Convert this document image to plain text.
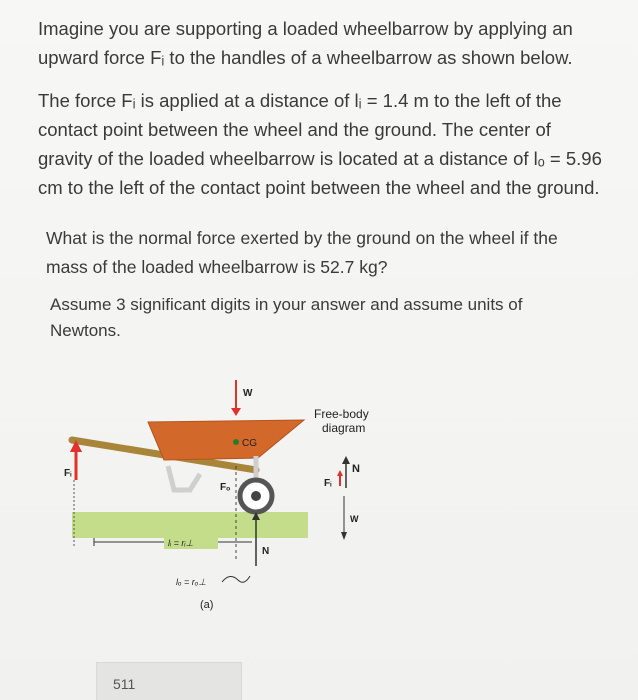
Imagine you are supporting a loaded wheelbarrow by applying an
upward force Fᵢ to the handles of a wheelbarrow as shown below.
The force Fᵢ is applied at a distance of lᵢ = 1.4 m to the left of the
contact point between the wheel and the ground. The center of
gravity of the loaded wheelbarrow is located at a distance of lₒ = 5.96
cm to the left of the contact point between the wheel and the ground.
What is the normal force exerted by the ground on the wheel if the
mass of the loaded wheelbarrow is 52.7 kg?
Assume 3 significant digits in your answer and assume units of
Newtons.
CG
W
Fᵢ
Fₒ
N
lᵢ = rᵢ⊥
lₒ = rₒ⊥
(a)
Free-body
diagram
N
Fᵢ
W
511
